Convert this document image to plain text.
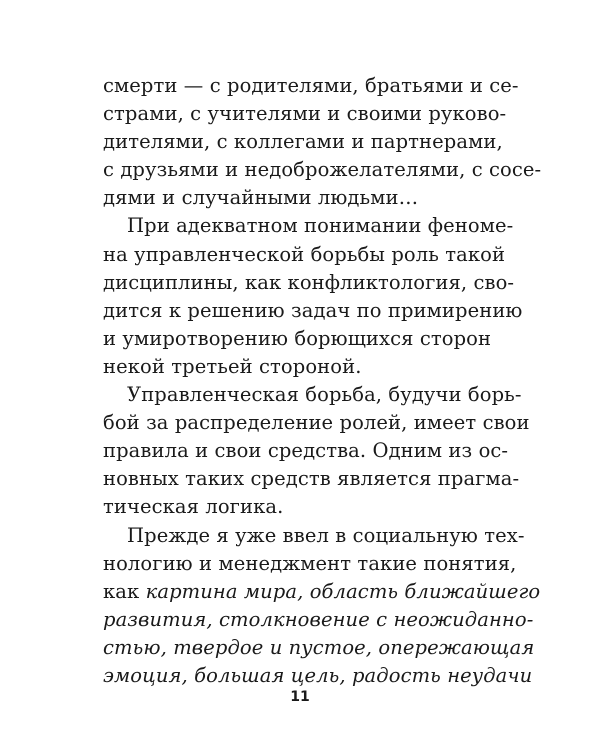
смерти — с родителями, братьями и се-
страми, с учителями и своими руково-
дителями, с коллегами и партнерами,
с друзьями и недоброжелателями, с сосе-
дями и случайными людьми…
При адекватном понимании феноме-
на управленческой борьбы роль такой
дисциплины, как конфликтология, сво-
дится к решению задач по примирению
и умиротворению борющихся сторон
некой третьей стороной.
Управленческая борьба, будучи борь-
бой за распределение ролей, имеет свои
правила и свои средства. Одним из ос-
новных таких средств является прагма-
тическая логика.
Прежде я уже ввел в социальную тех-
нологию и менеджмент такие понятия,
как картина мира, область ближайшего
развития, столкновение с неожиданно-
стью, твердое и пустое, опережающая
эмоция, большая цель, радость неудачи
11
